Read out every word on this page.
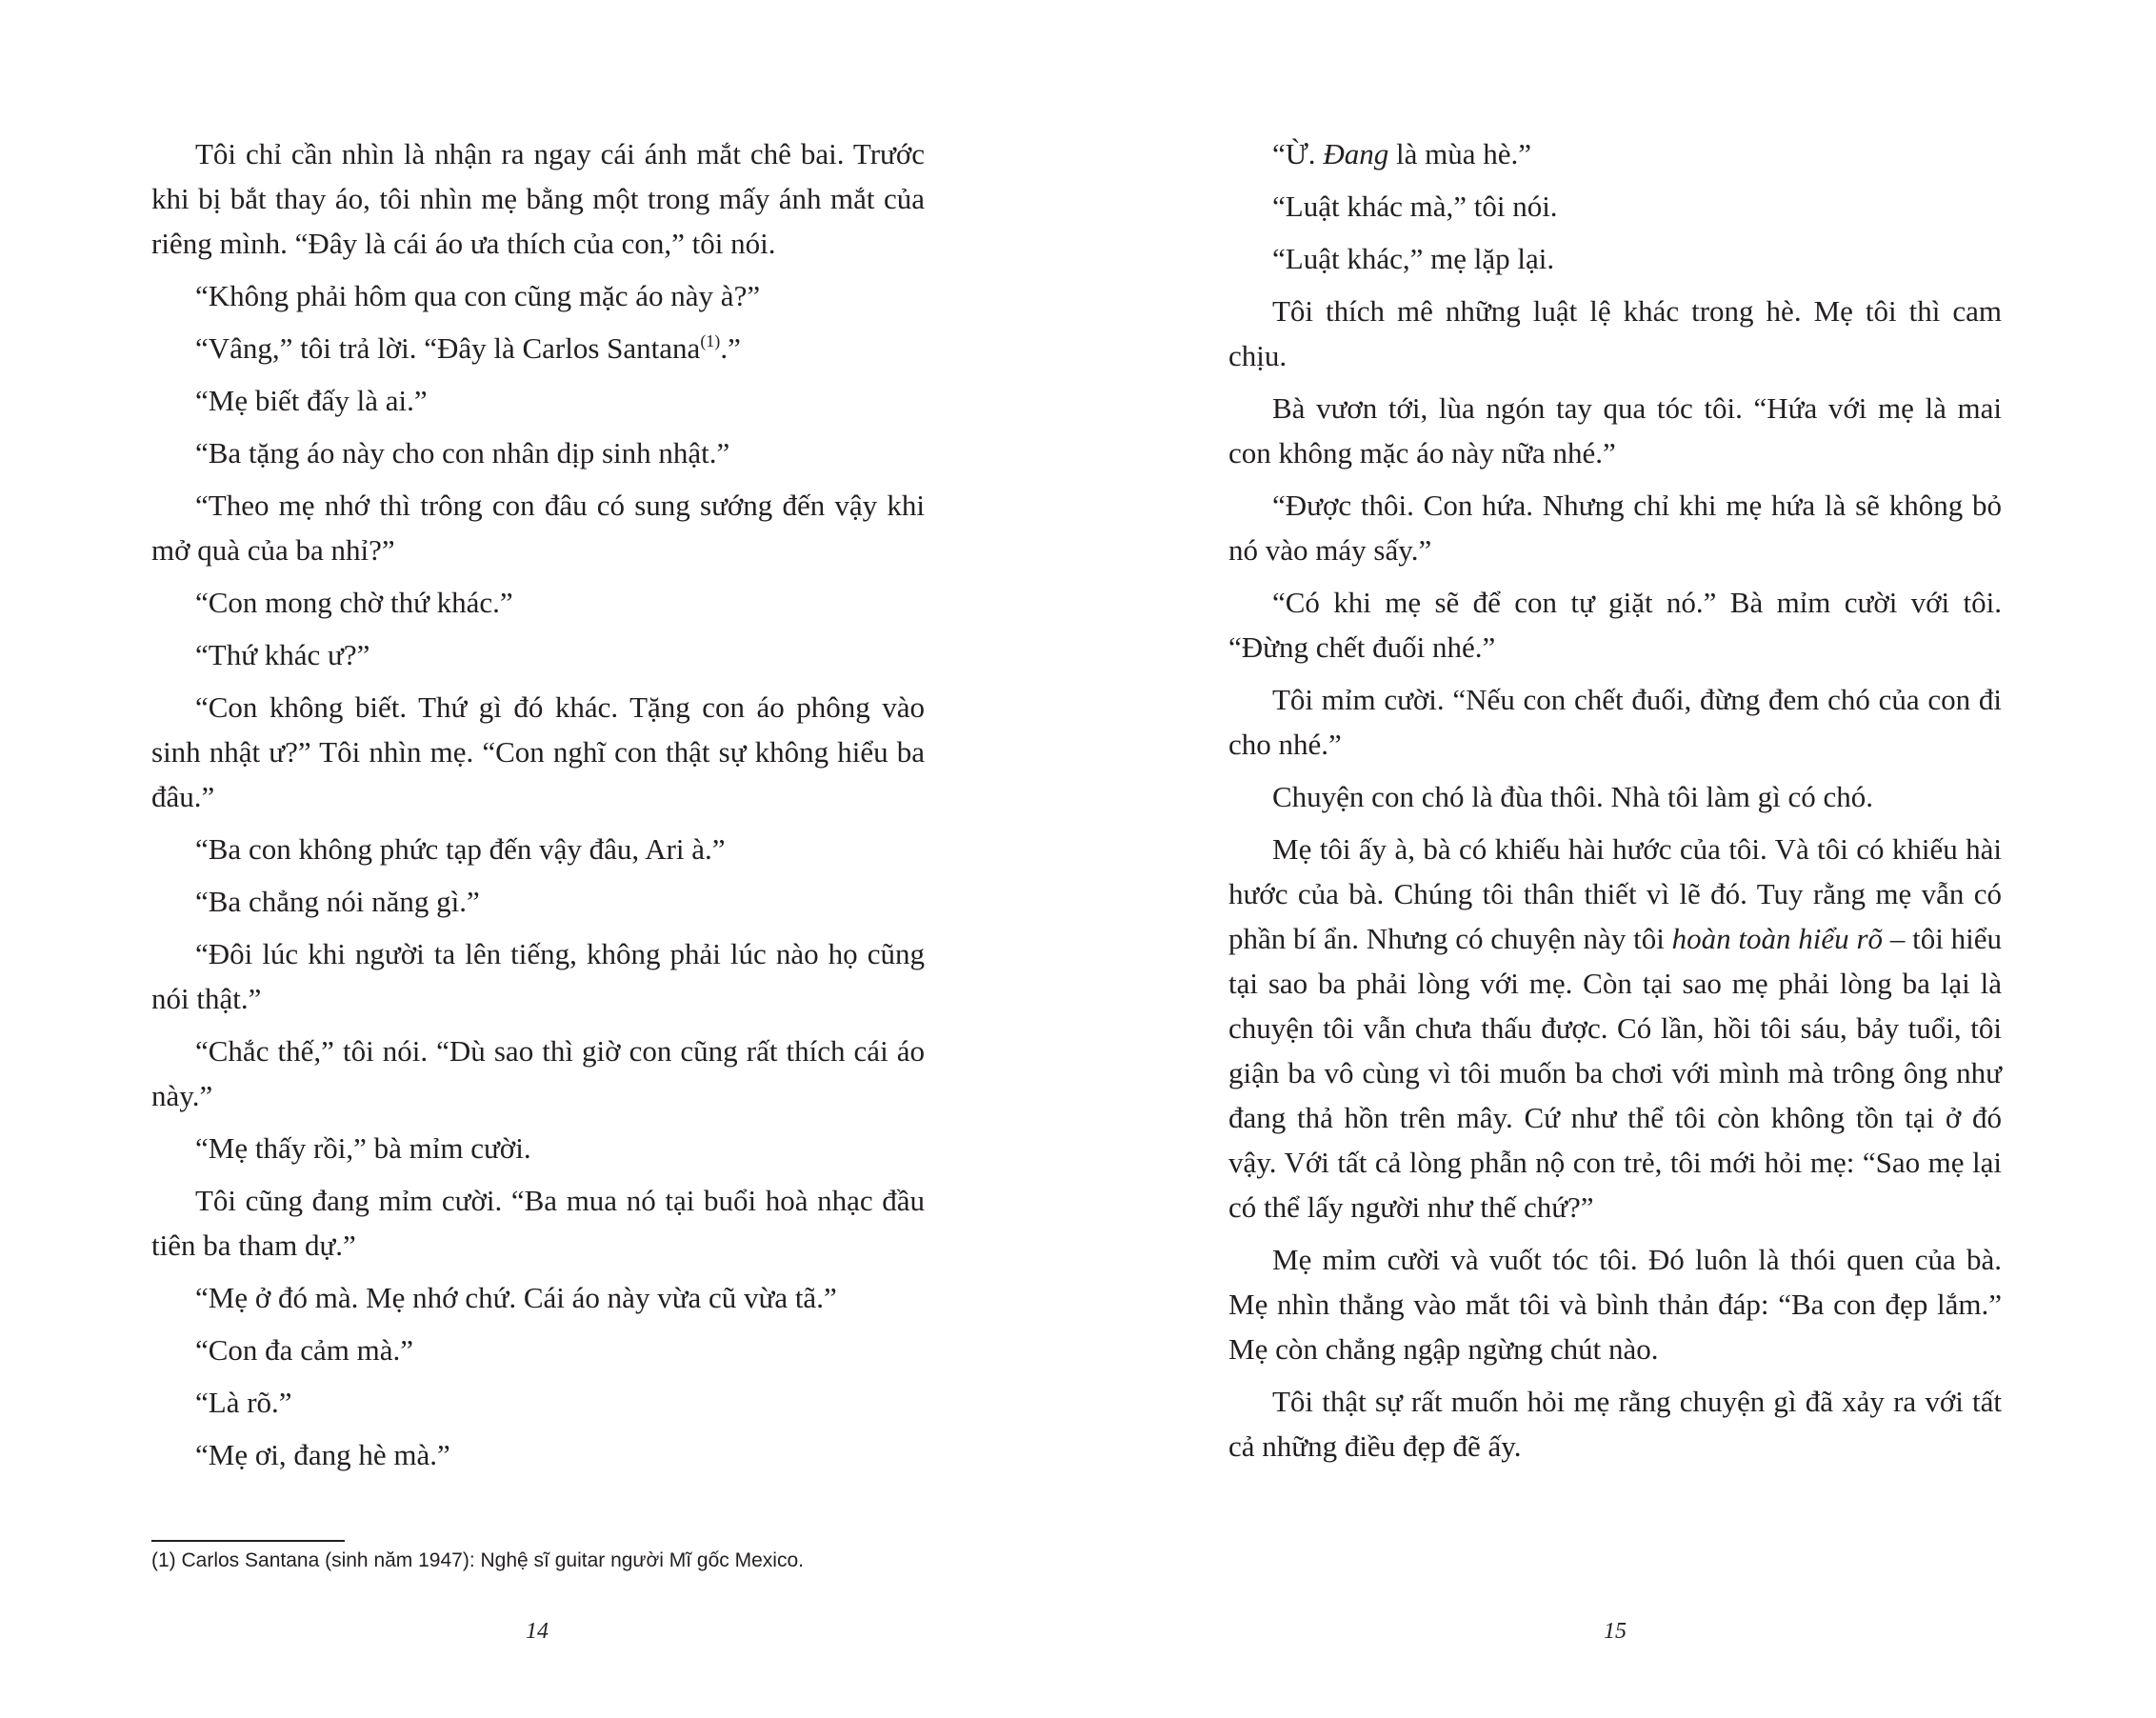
Tôi chỉ cần nhìn là nhận ra ngay cái ánh mắt chê bai. Trước khi bị bắt thay áo, tôi nhìn mẹ bằng một trong mấy ánh mắt của riêng mình. “Đây là cái áo ưa thích của con,” tôi nói.

“Không phải hôm qua con cũng mặc áo này à?”

“Vâng,” tôi trả lời. “Đây là Carlos Santana$^{(1)}$.”

“Mẹ biết đấy là ai.”

“Ba tặng áo này cho con nhân dịp sinh nhật.”

“Theo mẹ nhớ thì trông con đâu có sung sướng đến vậy khi mở quà của ba nhỉ?”

“Con mong chờ thứ khác.”

“Thứ khác ư?”

“Con không biết. Thứ gì đó khác. Tặng con áo phông vào sinh nhật ư?” Tôi nhìn mẹ. “Con nghĩ con thật sự không hiểu ba đâu.”

“Ba con không phức tạp đến vậy đâu, Ari à.”

“Ba chẳng nói năng gì.”

“Đôi lúc khi người ta lên tiếng, không phải lúc nào họ cũng nói thật.”

“Chắc thế,” tôi nói. “Dù sao thì giờ con cũng rất thích cái áo này.”

“Mẹ thấy rồi,” bà mỉm cười.

Tôi cũng đang mỉm cười. “Ba mua nó tại buổi hoà nhạc đầu tiên ba tham dự.”

“Mẹ ở đó mà. Mẹ nhớ chứ. Cái áo này vừa cũ vừa tã.”

“Con đa cảm mà.”

“Là rõ.”

“Mẹ ơi, đang hè mà.”

(1) Carlos Santana (sinh năm 1947): Nghệ sĩ guitar người Mĩ gốc Mexico.

14

“Ừ. Đang là mùa hè.”

“Luật khác mà,” tôi nói.

“Luật khác,” mẹ lặp lại.

Tôi thích mê những luật lệ khác trong hè. Mẹ tôi thì cam chịu.

Bà vươn tới, lùa ngón tay qua tóc tôi. “Hứa với mẹ là mai con không mặc áo này nữa nhé.”

“Được thôi. Con hứa. Nhưng chỉ khi mẹ hứa là sẽ không bỏ nó vào máy sấy.”

“Có khi mẹ sẽ để con tự giặt nó.” Bà mỉm cười với tôi. “Đừng chết đuối nhé.”

Tôi mỉm cười. “Nếu con chết đuối, đừng đem chó của con đi cho nhé.”

Chuyện con chó là đùa thôi. Nhà tôi làm gì có chó.

Mẹ tôi ấy à, bà có khiếu hài hước của tôi. Và tôi có khiếu hài hước của bà. Chúng tôi thân thiết vì lẽ đó. Tuy rằng mẹ vẫn có phần bí ẩn. Nhưng có chuyện này tôi hoàn toàn hiểu rõ – tôi hiểu tại sao ba phải lòng với mẹ. Còn tại sao mẹ phải lòng ba lại là chuyện tôi vẫn chưa thấu được. Có lần, hồi tôi sáu, bảy tuổi, tôi giận ba vô cùng vì tôi muốn ba chơi với mình mà trông ông như đang thả hồn trên mây. Cứ như thể tôi còn không tồn tại ở đó vậy. Với tất cả lòng phẫn nộ con trẻ, tôi mới hỏi mẹ: “Sao mẹ lại có thể lấy người như thế chứ?”

Mẹ mỉm cười và vuốt tóc tôi. Đó luôn là thói quen của bà. Mẹ nhìn thẳng vào mắt tôi và bình thản đáp: “Ba con đẹp lắm.” Mẹ còn chẳng ngập ngừng chút nào.

Tôi thật sự rất muốn hỏi mẹ rằng chuyện gì đã xảy ra với tất cả những điều đẹp đẽ ấy.

15
